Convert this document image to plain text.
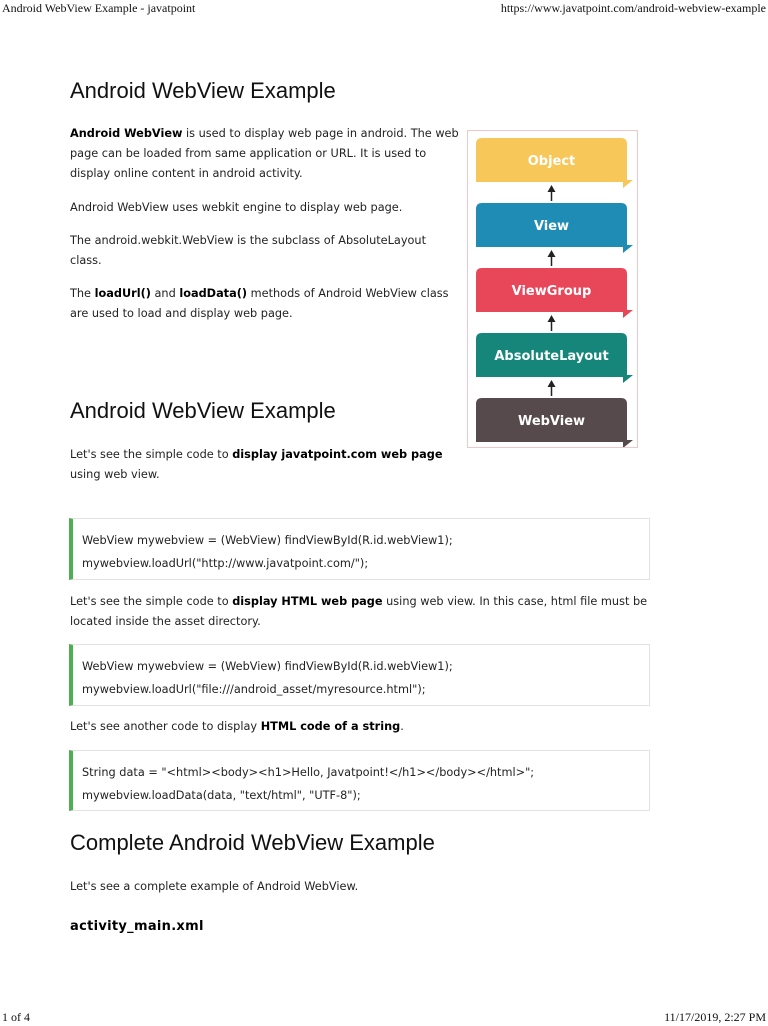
Android WebView Example - javatpoint	https://www.javatpoint.com/android-webview-example
1 of 4	11/17/2019, 2:27 PM
Android WebView Example

Android WebView is used to display web page in android. The web page can be loaded from same application or URL. It is used to display online content in android activity.

Android WebView uses webkit engine to display web page.

The android.webkit.WebView is the subclass of AbsoluteLayout class.

The loadUrl() and loadData() methods of Android WebView class are used to load and display web page.

Object
View
ViewGroup
AbsoluteLayout
WebView
Android WebView Example

Let's see the simple code to display javatpoint.com web page using web view.

WebView mywebview = (WebView) findViewById(R.id.webView1);
mywebview.loadUrl("http://www.javatpoint.com/");

Let's see the simple code to display HTML web page using web view. In this case, html file must be located inside the asset directory.

WebView mywebview = (WebView) findViewById(R.id.webView1);
mywebview.loadUrl("file:///android_asset/myresource.html");

Let's see another code to display HTML code of a string.

String data = "<html><body><h1>Hello, Javatpoint!</h1></body></html>";
mywebview.loadData(data, "text/html", "UTF-8");
Complete Android WebView Example

Let's see a complete example of Android WebView.

activity_main.xml
